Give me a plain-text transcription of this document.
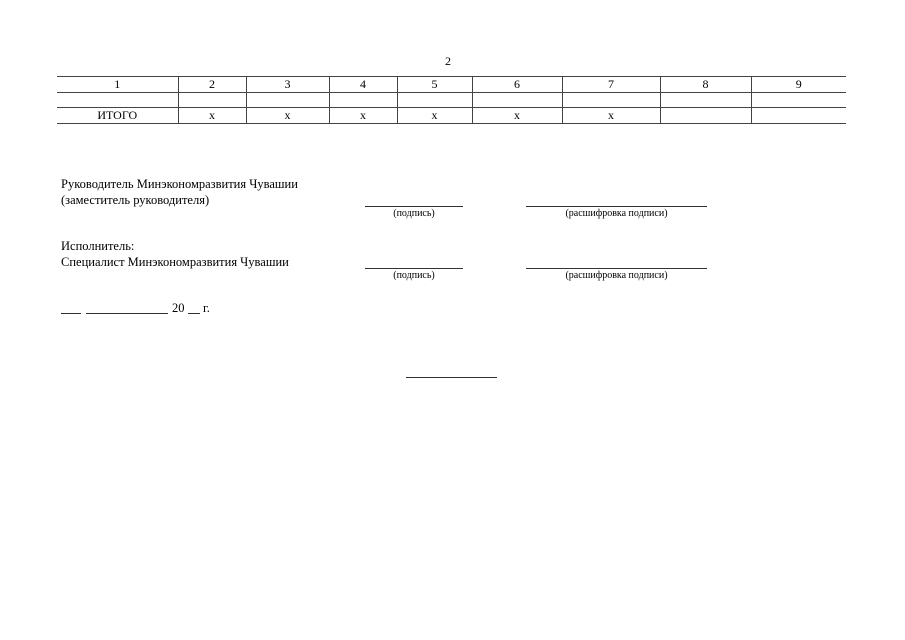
2
1	2	3	4	5	6	7	8	9

ИТОГО	х	х	х	х	х	х		
Руководитель Минэкономразвития Чувашии
(заместитель руководителя)
(подпись)	(расшифровка подписи)
Исполнитель:
Специалист Минэкономразвития Чувашии
(подпись)	(расшифровка подписи)
20 г.
